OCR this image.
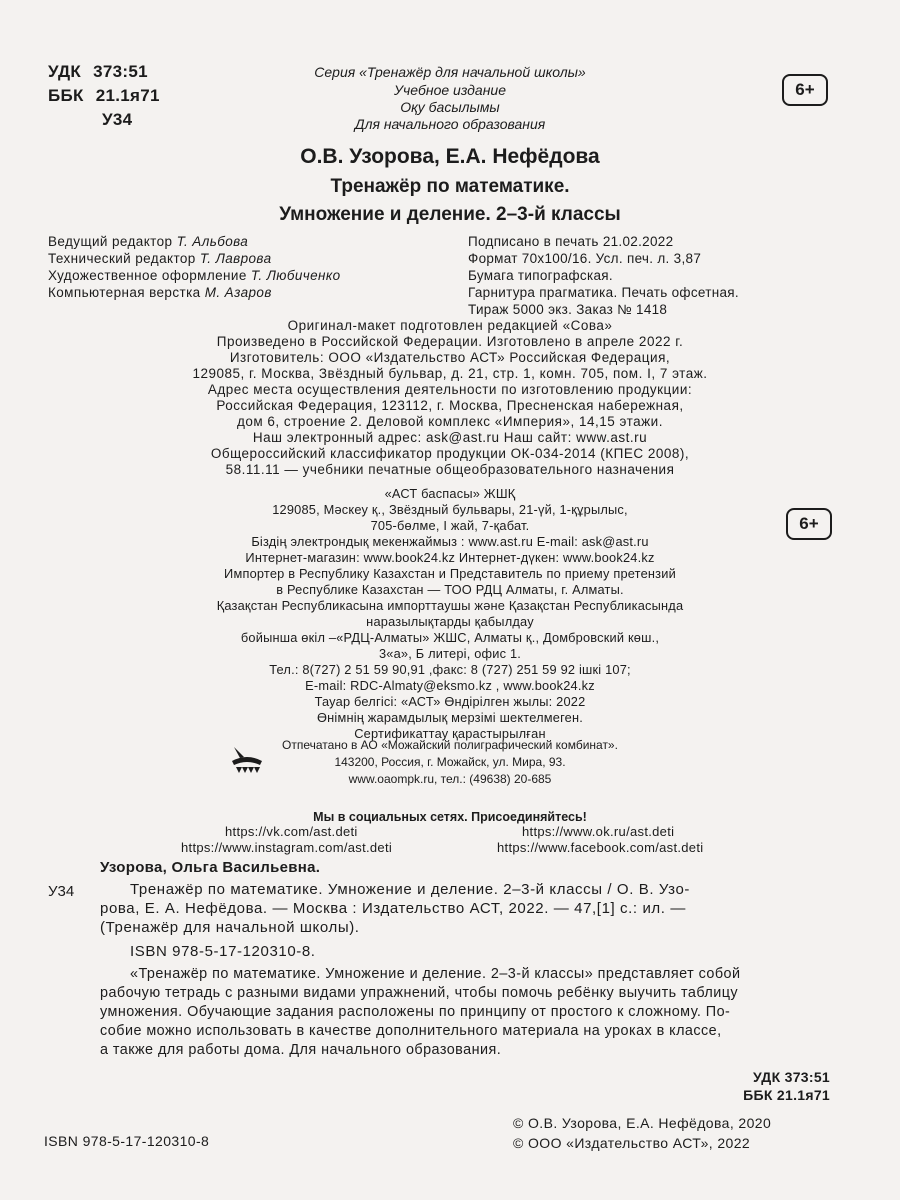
УДК 373:51
ББК 21.1я71
У34
Серия «Тренажёр для начальной школы»
Учебное издание
Оқу басылымы
Для начального образования
6+
О.В. Узорова, Е.А. Нефёдова
Тренажёр по математике.
Умножение и деление. 2–3-й классы
Ведущий редактор Т. Альбова
Технический редактор Т. Лаврова
Художественное оформление Т. Любиченко
Компьютерная верстка М. Азаров
Подписано в печать 21.02.2022
Формат 70x100/16. Усл. печ. л. 3,87
Бумага типографская.
Гарнитура прагматика. Печать офсетная.
Тираж 5000 экз. Заказ № 1418
Оригинал-макет подготовлен редакцией «Сова»
Произведено в Российской Федерации. Изготовлено в апреле 2022 г.
Изготовитель: ООО «Издательство АСТ» Российская Федерация,
129085, г. Москва, Звёздный бульвар, д. 21, стр. 1, комн. 705, пом. I, 7 этаж.
Адрес места осуществления деятельности по изготовлению продукции:
Российская Федерация, 123112, г. Москва, Пресненская набережная,
дом 6, строение 2. Деловой комплекс «Империя», 14,15 этажи.
Наш электронный адрес: ask@ast.ru Наш сайт: www.ast.ru
Общероссийский классификатор продукции ОК-034-2014 (КПЕС 2008),
58.11.11 — учебники печатные общеобразовательного назначения
«АСТ баспасы» ЖШҚ
129085, Мәскеу қ., Звёздный бульвары, 21-үй, 1-құрылыс,
705-бөлме, I жай, 7-қабат.
Біздің электрондық мекенжаймыз : www.ast.ru E-mail: ask@ast.ru
Интернет-магазин: www.book24.kz Интернет-дүкен: www.book24.kz
Импортер в Республику Казахстан и Представитель по приему претензий
в Республике Казахстан — ТОО РДЦ Алматы, г. Алматы.
Қазақстан Республикасына импорттаушы және Қазақстан Республикасында
наразылықтарды қабылдау
бойынша өкіл –«РДЦ-Алматы» ЖШС, Алматы қ., Домбровский көш.,
3«а», Б литері, офис 1.
Тел.: 8(727) 2 51 59 90,91 ,факс: 8 (727) 251 59 92 ішкі 107;
E-mail: RDC-Almaty@eksmo.kz , www.book24.kz
Тауар белгісі: «АСТ» Өндірілген жылы: 2022
Өнімнің жарамдылық мерзімі шектелмеген.
Сертификаттау қарастырылған
6+
Отпечатано в АО «Можайский полиграфический комбинат».
143200, Россия, г. Можайск, ул. Мира, 93.
www.oaompk.ru, тел.: (49638) 20-685
Мы в социальных сетях. Присоединяйтесь!
https://vk.com/ast.deti
https://www.instagram.com/ast.deti
https://www.ok.ru/ast.deti
https://www.facebook.com/ast.deti
Узорова, Ольга Васильевна.
У34	Тренажёр по математике. Умножение и деление. 2–3-й классы / О. В. Узо-
рова, Е. А. Нефёдова. — Москва : Издательство АСТ, 2022. — 47,[1] с.: ил. —
(Тренажёр для начальной школы).
ISBN 978-5-17-120310-8.
«Тренажёр по математике. Умножение и деление. 2–3-й классы» представляет собой
рабочую тетрадь с разными видами упражнений, чтобы помочь ребёнку выучить таблицу
умножения. Обучающие задания расположены по принципу от простого к сложному. По-
собие можно использовать в качестве дополнительного материала на уроках в классе,
а также для работы дома. Для начального образования.
УДК 373:51
ББК 21.1я71
ISBN 978-5-17-120310-8
© О.В. Узорова, Е.А. Нефёдова, 2020
© ООО «Издательство АСТ», 2022
